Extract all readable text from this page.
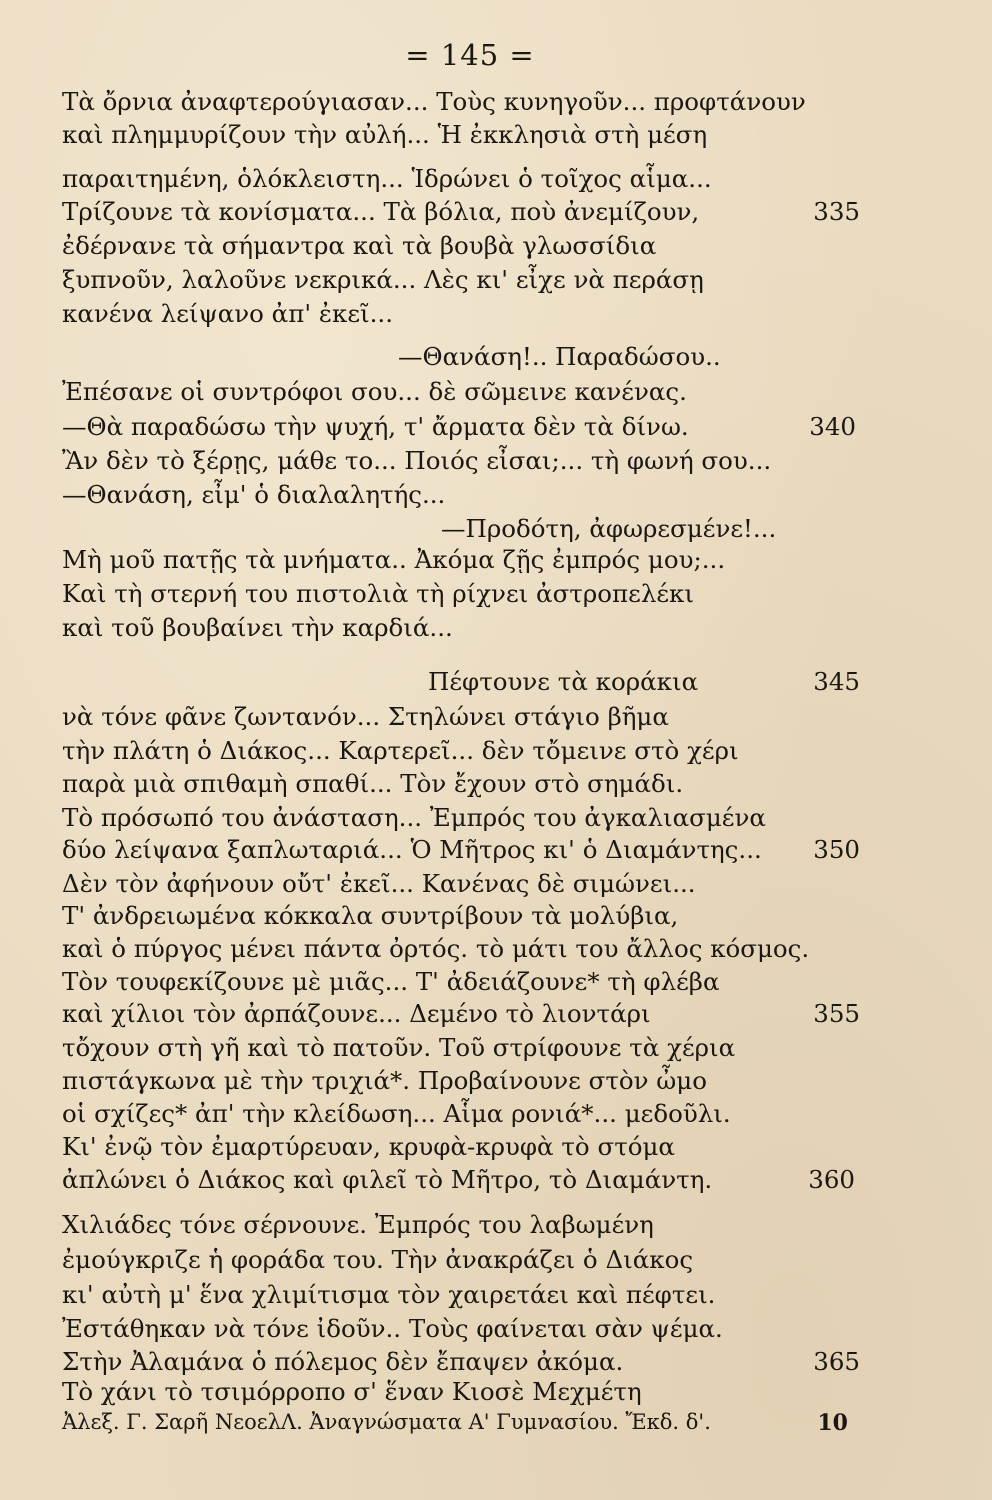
= 145 =
Τὰ ὄρνια ἀναφτερούγιασαν... Τοὺς κυνηγοῦν... προφτάνουν
καὶ πλημμυρίζουν τὴν αὐλή... Ἡ ἐκκλησιὰ στὴ μέση
παραιτημένη, ὁλόκλειστη... Ἱδρώνει ὁ τοῖχος αἷμα...
Τρίζουνε τὰ κονίσματα... Τὰ βόλια, ποὺ ἀνεμίζουν,
ἐδέρνανε τὰ σήμαντρα καὶ τὰ βουβὰ γλωσσίδια
ξυπνοῦν, λαλοῦνε νεκρικά... Λὲς κι' εἶχε νὰ περάσῃ
κανένα λείψανο ἀπ' ἐκεῖ...
—Θανάση!.. Παραδώσου..
Ἐπέσανε οἱ συντρόφοι σου... δὲ σῶμεινε κανένας.
—Θὰ παραδώσω τὴν ψυχή, τ' ἄρματα δὲν τὰ δίνω.
Ἂν δὲν τὸ ξέρῃς, μάθε το... Ποιός εἶσαι;... τὴ φωνή σου...
—Θανάση, εἶμ' ὁ διαλαλητής...
—Προδότη, ἀφωρεσμένε!...
Μὴ μοῦ πατῇς τὰ μνήματα.. Ἀκόμα ζῇς ἐμπρός μου;...
Καὶ τὴ στερνή του πιστολιὰ τὴ ρίχνει ἀστροπελέκι
καὶ τοῦ βουβαίνει τὴν καρδιά...
Πέφτουνε τὰ κοράκια
νὰ τόνε φᾶνε ζωντανόν... Στηλώνει στάγιο βῆμα
τὴν πλάτη ὁ Διάκος... Καρτερεῖ... δὲν τὄμεινε στὸ χέρι
παρὰ μιὰ σπιθαμὴ σπαθί... Τὸν ἔχουν στὸ σημάδι.
Τὸ πρόσωπό του ἀνάσταση... Ἐμπρός του ἀγκαλιασμένα
δύο λείψανα ξαπλωταριά... Ὁ Μῆτρος κι' ὁ Διαμάντης...
Δὲν τὸν ἀφήνουν οὔτ' ἐκεῖ... Κανένας δὲ σιμώνει...
Τ' ἀνδρειωμένα κόκκαλα συντρίβουν τὰ μολύβια,
καὶ ὁ πύργος μένει πάντα ὀρτός. τὸ μάτι του ἄλλος κόσμος.
Τὸν τουφεκίζουνε μὲ μιᾶς... Τ' ἀδειάζουνε* τὴ φλέβα
καὶ χίλιοι τὸν ἀρπάζουνε... Δεμένο τὸ λιοντάρι
τὄχουν στὴ γῆ καὶ τὸ πατοῦν. Τοῦ στρίφουνε τὰ χέρια
πιστάγκωνα μὲ τὴν τριχιά*. Προβαίνουνε στὸν ὦμο
οἱ σχίζες* ἀπ' τὴν κλείδωση... Αἷμα ρονιά*... μεδοῦλι.
Κι' ἐνῷ τὸν ἐμαρτύρευαν, κρυφὰ-κρυφὰ τὸ στόμα
ἀπλώνει ὁ Διάκος καὶ φιλεῖ τὸ Μῆτρο, τὸ Διαμάντη.
Χιλιάδες τόνε σέρνουνε. Ἐμπρός του λαβωμένη
ἐμούγκριζε ἡ φοράδα του. Τὴν ἀνακράζει ὁ Διάκος
κι' αὐτὴ μ' ἕνα χλιμίτισμα τὸν χαιρετάει καὶ πέφτει.
Ἐστάθηκαν νὰ τόνε ἰδοῦν.. Τοὺς φαίνεται σὰν ψέμα.
Στὴν Ἀλαμάνα ὁ πόλεμος δὲν ἔπαψεν ἀκόμα.
Τὸ χάνι τὸ τσιμόρροπο σ' ἕναν Κιοσὲ Μεχμέτη
335
340
345
350
355
360
365
Ἀλεξ. Γ. Σαρῆ ΝεοελΛ. Ἀναγνώσματα Α' Γυμνασίου. Ἔκδ. δ'.	10
